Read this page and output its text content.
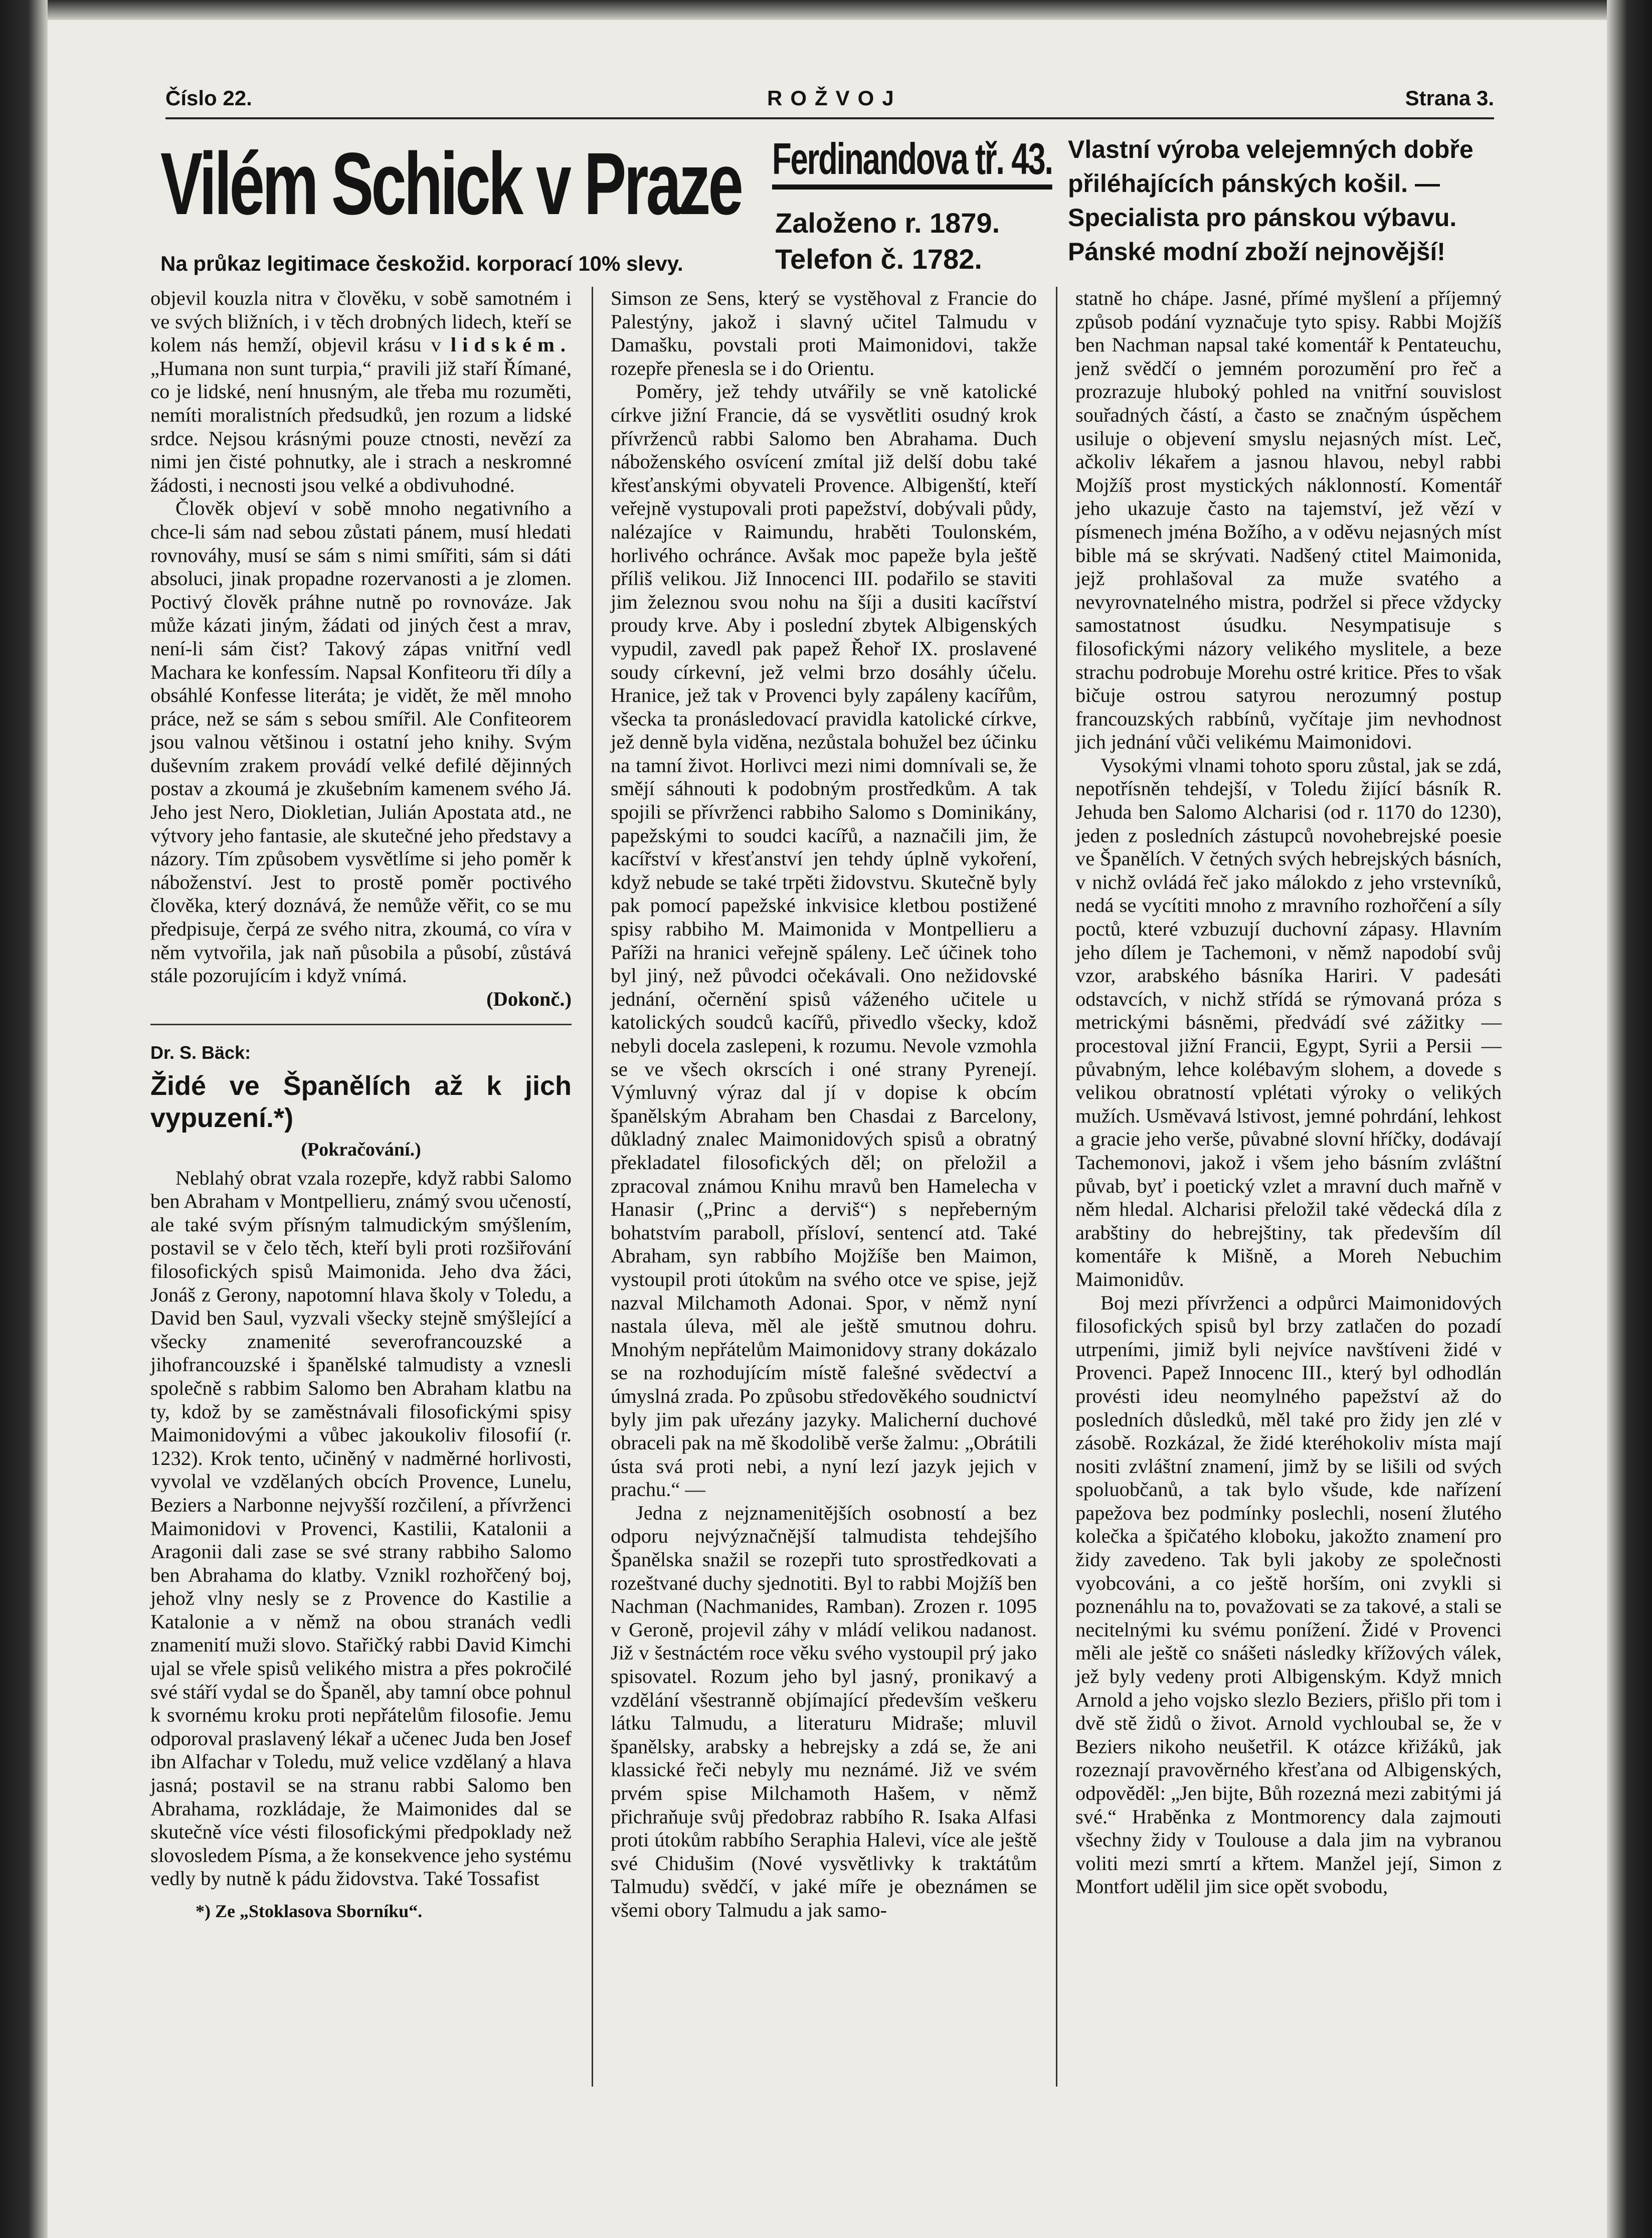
Číslo 22.	ROŽVOJ	Strana 3.
Vilém Schick v Praze
Na průkaz legitimace českožid. korporací 10% slevy.
Ferdinandova tř. 43.
Založeno r. 1879.
Telefon č. 1782.
Vlastní výroba velejemných dobře přiléhajících pánských košil. — Specialista pro pánskou výbavu. Pánské modní zboží nejnovější!

objevil kouzla nitra v člověku, v sobě samotném i ve svých bližních, i v těch drobných lidech, kteří se kolem nás hemží, objevil krásu v lidském. „Humana non sunt turpia,“ pravili již staří Římané, co je lidské, není hnusným, ale třeba mu rozuměti, nemíti moralistních předsudků, jen rozum a lidské srdce. Nejsou krásnými pouze ctnosti, nevězí za nimi jen čisté pohnutky, ale i strach a neskromné žádosti, i necnosti jsou velké a obdivuhodné.

Člověk objeví v sobě mnoho negativního a chce-li sám nad sebou zůstati pánem, musí hledati rovnováhy, musí se sám s nimi smířiti, sám si dáti absoluci, jinak propadne rozervanosti a je zlomen. Poctivý člověk práhne nutně po rovnováze. Jak může kázati jiným, žádati od jiných čest a mrav, není-li sám čist? Takový zápas vnitřní vedl Machara ke konfessím. Napsal Konfiteoru tři díly a obsáhlé Konfesse literáta; je vidět, že měl mnoho práce, než se sám s sebou smířil. Ale Confiteorem jsou valnou většinou i ostatní jeho knihy. Svým duševním zrakem provádí velké defilé dějinných postav a zkoumá je zkušebním kamenem svého Já. Jeho jest Nero, Diokletian, Julián Apostata atd., ne výtvory jeho fantasie, ale skutečné jeho představy a názory. Tím způsobem vysvětlíme si jeho poměr k náboženství. Jest to prostě poměr poctivého člověka, který doznává, že nemůže věřit, co se mu předpisuje, čerpá ze svého nitra, zkoumá, co víra v něm vytvořila, jak naň působila a působí, zůstává stále pozorujícím i když vnímá.

(Dokonč.)
Dr. S. Bäck:
Židé ve Španělích až k jich vypuzení.*)
(Pokračování.)

Neblahý obrat vzala rozepře, když rabbi Salomo ben Abraham v Montpellieru, známý svou učeností, ale také svým přísným talmudickým smýšlením, postavil se v čelo těch, kteří byli proti rozšiřování filosofických spisů Maimonida. Jeho dva žáci, Jonáš z Gerony, napotomní hlava školy v Toledu, a David ben Saul, vyzvali všecky stejně smýšlející a všecky znamenité severofrancouzské a jihofrancouzské i španělské talmudisty a vznesli společně s rabbim Salomo ben Abraham klatbu na ty, kdož by se zaměstnávali filosofickými spisy Maimonidovými a vůbec jakoukoliv filosofií (r. 1232). Krok tento, učiněný v nadměrné horlivosti, vyvolal ve vzdělaných obcích Provence, Lunelu, Beziers a Narbonne nejvyšší rozčilení, a přívrženci Maimonidovi v Provenci, Kastilii, Katalonii a Aragonii dali zase se své strany rabbiho Salomo ben Abrahama do klatby. Vznikl rozhořčený boj, jehož vlny nesly se z Provence do Kastilie a Katalonie a v němž na obou stranách vedli znamenití muži slovo. Stařičký rabbi David Kimchi ujal se vřele spisů velikého mistra a přes pokročilé své stáří vydal se do Španěl, aby tamní obce pohnul k svornému kroku proti nepřátelům filosofie. Jemu odporoval praslavený lékař a učenec Juda ben Josef ibn Alfachar v Toledu, muž velice vzdělaný a hlava jasná; postavil se na stranu rabbi Salomo ben Abrahama, rozkládaje, že Maimonides dal se skutečně více vésti filosofickými předpoklady než slovosledem Písma, a že konsekvence jeho systému vedly by nutně k pádu židovstva. Také Tossafist

*) Ze „Stoklasova Sborníku“.

Simson ze Sens, který se vystěhoval z Francie do Palestýny, jakož i slavný učitel Talmudu v Damašku, povstali proti Maimonidovi, takže rozepře přenesla se i do Orientu.

Poměry, jež tehdy utvářily se vně katolické církve jižní Francie, dá se vysvětliti osudný krok přívrženců rabbi Salomo ben Abrahama. Duch náboženského osvícení zmítal již delší dobu také křesťanskými obyvateli Provence. Albigenští, kteří veřejně vystupovali proti papežství, dobývali půdy, nalézajíce v Raimundu, hraběti Toulonském, horlivého ochránce. Avšak moc papeže byla ještě příliš velikou. Již Innocenci III. podařilo se staviti jim železnou svou nohu na šíji a dusiti kacířství proudy krve. Aby i poslední zbytek Albigenských vypudil, zavedl pak papež Řehoř IX. proslavené soudy církevní, jež velmi brzo dosáhly účelu. Hranice, jež tak v Provenci byly zapáleny kacířům, všecka ta pronásledovací pravidla katolické církve, jež denně byla viděna, nezůstala bohužel bez účinku na tamní život. Horlivci mezi nimi domnívali se, že smějí sáhnouti k podobným prostředkům. A tak spojili se přívrženci rabbiho Salomo s Dominikány, papežskými to soudci kacířů, a naznačili jim, že kacířství v křesťanství jen tehdy úplně vykoření, když nebude se také trpěti židovstvu. Skutečně byly pak pomocí papežské inkvisice kletbou postižené spisy rabbiho M. Maimonida v Montpellieru a Paříži na hranici veřejně spáleny. Leč účinek toho byl jiný, než původci očekávali. Ono nežidovské jednání, očernění spisů váženého učitele u katolických soudců kacířů, přivedlo všecky, kdož nebyli docela zaslepeni, k rozumu. Nevole vzmohla se ve všech okrscích i oné strany Pyrenejí. Výmluvný výraz dal jí v dopise k obcím španělským Abraham ben Chasdai z Barcelony, důkladný znalec Maimonidových spisů a obratný překladatel filosofických děl; on přeložil a zpracoval známou Knihu mravů ben Hamelecha v Hanasir („Princ a derviš“) s nepřeberným bohatstvím paraboll, přísloví, sentencí atd. Také Abraham, syn rabbího Mojžíše ben Maimon, vystoupil proti útokům na svého otce ve spise, jejž nazval Milchamoth Adonai. Spor, v němž nyní nastala úleva, měl ale ještě smutnou dohru. Mnohým nepřátelům Maimonidovy strany dokázalo se na rozhodujícím místě falešné svědectví a úmyslná zrada. Po způsobu středověkého soudnictví byly jim pak uřezány jazyky. Malicherní duchové obraceli pak na mě škodolibě verše žalmu: „Obrátili ústa svá proti nebi, a nyní lezí jazyk jejich v prachu.“ —

Jedna z nejznamenitějších osobností a bez odporu nejvýznačnější talmudista tehdejšího Španělska snažil se rozepři tuto sprostředkovati a rozeštvané duchy sjednotiti. Byl to rabbi Mojžíš ben Nachman (Nachmanides, Ramban). Zrozen r. 1095 v Geroně, projevil záhy v mládí velikou nadanost. Již v šestnáctém roce věku svého vystoupil prý jako spisovatel. Rozum jeho byl jasný, pronikavý a vzdělání všestranně objímající především veškeru látku Talmudu, a literaturu Midraše; mluvil španělsky, arabsky a hebrejsky a zdá se, že ani klassické řeči nebyly mu neznámé. Již ve svém prvém spise Milchamoth Hašem, v němž přichraňuje svůj předobraz rabbího R. Isaka Alfasi proti útokům rabbího Seraphia Halevi, více ale ještě své Chidušim (Nové vysvětlivky k traktátům Talmudu) svědčí, v jaké míře je obeznámen se všemi obory Talmudu a jak samo-

statně ho chápe. Jasné, přímé myšlení a příjemný způsob podání vyznačuje tyto spisy. Rabbi Mojžíš ben Nachman napsal také komentář k Pentateuchu, jenž svědčí o jemném porozumění pro řeč a prozrazuje hluboký pohled na vnitřní souvislost souřadných částí, a často se značným úspěchem usiluje o objevení smyslu nejasných míst. Leč, ačkoliv lékařem a jasnou hlavou, nebyl rabbi Mojžíš prost mystických náklonností. Komentář jeho ukazuje často na tajemství, jež vězí v písmenech jména Božího, a v oděvu nejasných míst bible má se skrývati. Nadšený ctitel Maimonida, jejž prohlašoval za muže svatého a nevyrovnatelného mistra, podržel si přece vždycky samostatnost úsudku. Nesympatisuje s filosofickými názory velikého myslitele, a beze strachu podrobuje Morehu ostré kritice. Přes to však bičuje ostrou satyrou nerozumný postup francouzských rabbínů, vyčítaje jim nevhodnost jich jednání vůči velikému Maimonidovi.

Vysokými vlnami tohoto sporu zůstal, jak se zdá, nepotřísněn tehdejší, v Toledu žijící básník R. Jehuda ben Salomo Alcharisi (od r. 1170 do 1230), jeden z posledních zástupců novohebrejské poesie ve Španělích. V četných svých hebrejských básních, v nichž ovládá řeč jako málokdo z jeho vrstevníků, nedá se vycítiti mnoho z mravního rozhořčení a síly poctů, které vzbuzují duchovní zápasy. Hlavním jeho dílem je Tachemoni, v němž napodobí svůj vzor, arabského básníka Hariri. V padesáti odstavcích, v nichž střídá se rýmovaná próza s metrickými básněmi, předvádí své zážitky — procestoval jižní Francii, Egypt, Syrii a Persii — půvabným, lehce kolébavým slohem, a dovede s velikou obratností vplétati výroky o velikých mužích. Usměvavá lstivost, jemné pohrdání, lehkost a gracie jeho verše, půvabné slovní hříčky, dodávají Tachemonovi, jakož i všem jeho básním zvláštní půvab, byť i poetický vzlet a mravní duch mařně v něm hledal. Alcharisi přeložil také vědecká díla z arabštiny do hebrejštiny, tak především díl komentáře k Mišně, a Moreh Nebuchim Maimonidův.

Boj mezi přívrženci a odpůrci Maimonidových filosofických spisů byl brzy zatlačen do pozadí utrpeními, jimiž byli nejvíce navštíveni židé v Provenci. Papež Innocenc III., který byl odhodlán provésti ideu neomylného papežství až do posledních důsledků, měl také pro židy jen zlé v zásobě. Rozkázal, že židé kteréhokoliv místa mají nositi zvláštní znamení, jimž by se lišili od svých spoluobčanů, a tak bylo všude, kde nařízení papežova bez podmínky poslechli, nosení žlutého kolečka a špičatého kloboku, jakožto znamení pro židy zavedeno. Tak byli jakoby ze společnosti vyobcováni, a co ještě horším, oni zvykli si poznenáhlu na to, považovati se za takové, a stali se necitelnými ku svému ponížení. Židé v Provenci měli ale ještě co snášeti následky křížových válek, jež byly vedeny proti Albigenským. Když mnich Arnold a jeho vojsko slezlo Beziers, přišlo při tom i dvě stě židů o život. Arnold vychloubal se, že v Beziers nikoho neušetřil. K otázce křižáků, jak rozeznají pravověrného křesťana od Albigenských, odpověděl: „Jen bijte, Bůh rozezná mezi zabitými já své.“ Hraběnka z Montmorency dala zajmouti všechny židy v Toulouse a dala jim na vybranou voliti mezi smrtí a křtem. Manžel její, Simon z Montfort udělil jim sice opět svobodu,
